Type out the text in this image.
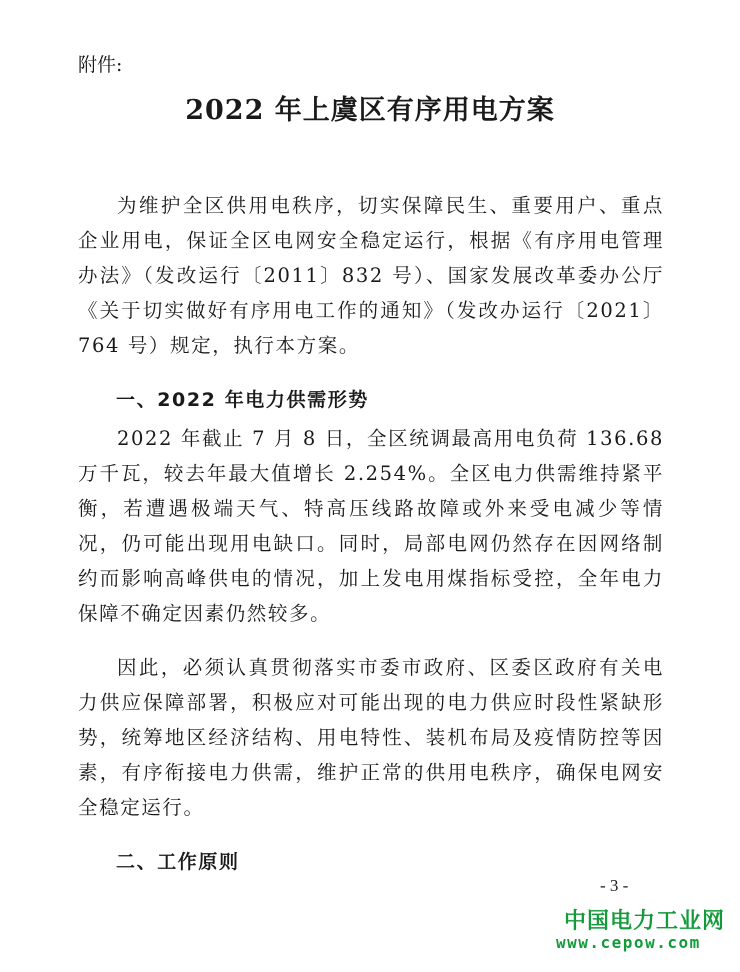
附件:
2022 年上虞区有序用电方案

为维护全区供用电秩序，切实保障民生、重要用户、重点企业用电，保证全区电网安全稳定运行，根据《有序用电管理办法》（发改运行〔2011〕832 号）、国家发展改革委办公厅《关于切实做好有序用电工作的通知》（发改办运行〔2021〕764 号）规定，执行本方案。

一、2022 年电力供需形势

2022 年截止 7 月 8 日，全区统调最高用电负荷 136.68 万千瓦，较去年最大值增长 2.254%。全区电力供需维持紧平衡，若遭遇极端天气、特高压线路故障或外来受电减少等情况，仍可能出现用电缺口。同时，局部电网仍然存在因网络制约而影响高峰供电的情况，加上发电用煤指标受控，全年电力保障不确定因素仍然较多。

因此，必须认真贯彻落实市委市政府、区委区政府有关电力供应保障部署，积极应对可能出现的电力供应时段性紧缺形势，统筹地区经济结构、用电特性、装机布局及疫情防控等因素，有序衔接电力供需，维护正常的供用电秩序，确保电网安全稳定运行。

二、工作原则
- 3 -
中国电力工业网
www.cepow.com
